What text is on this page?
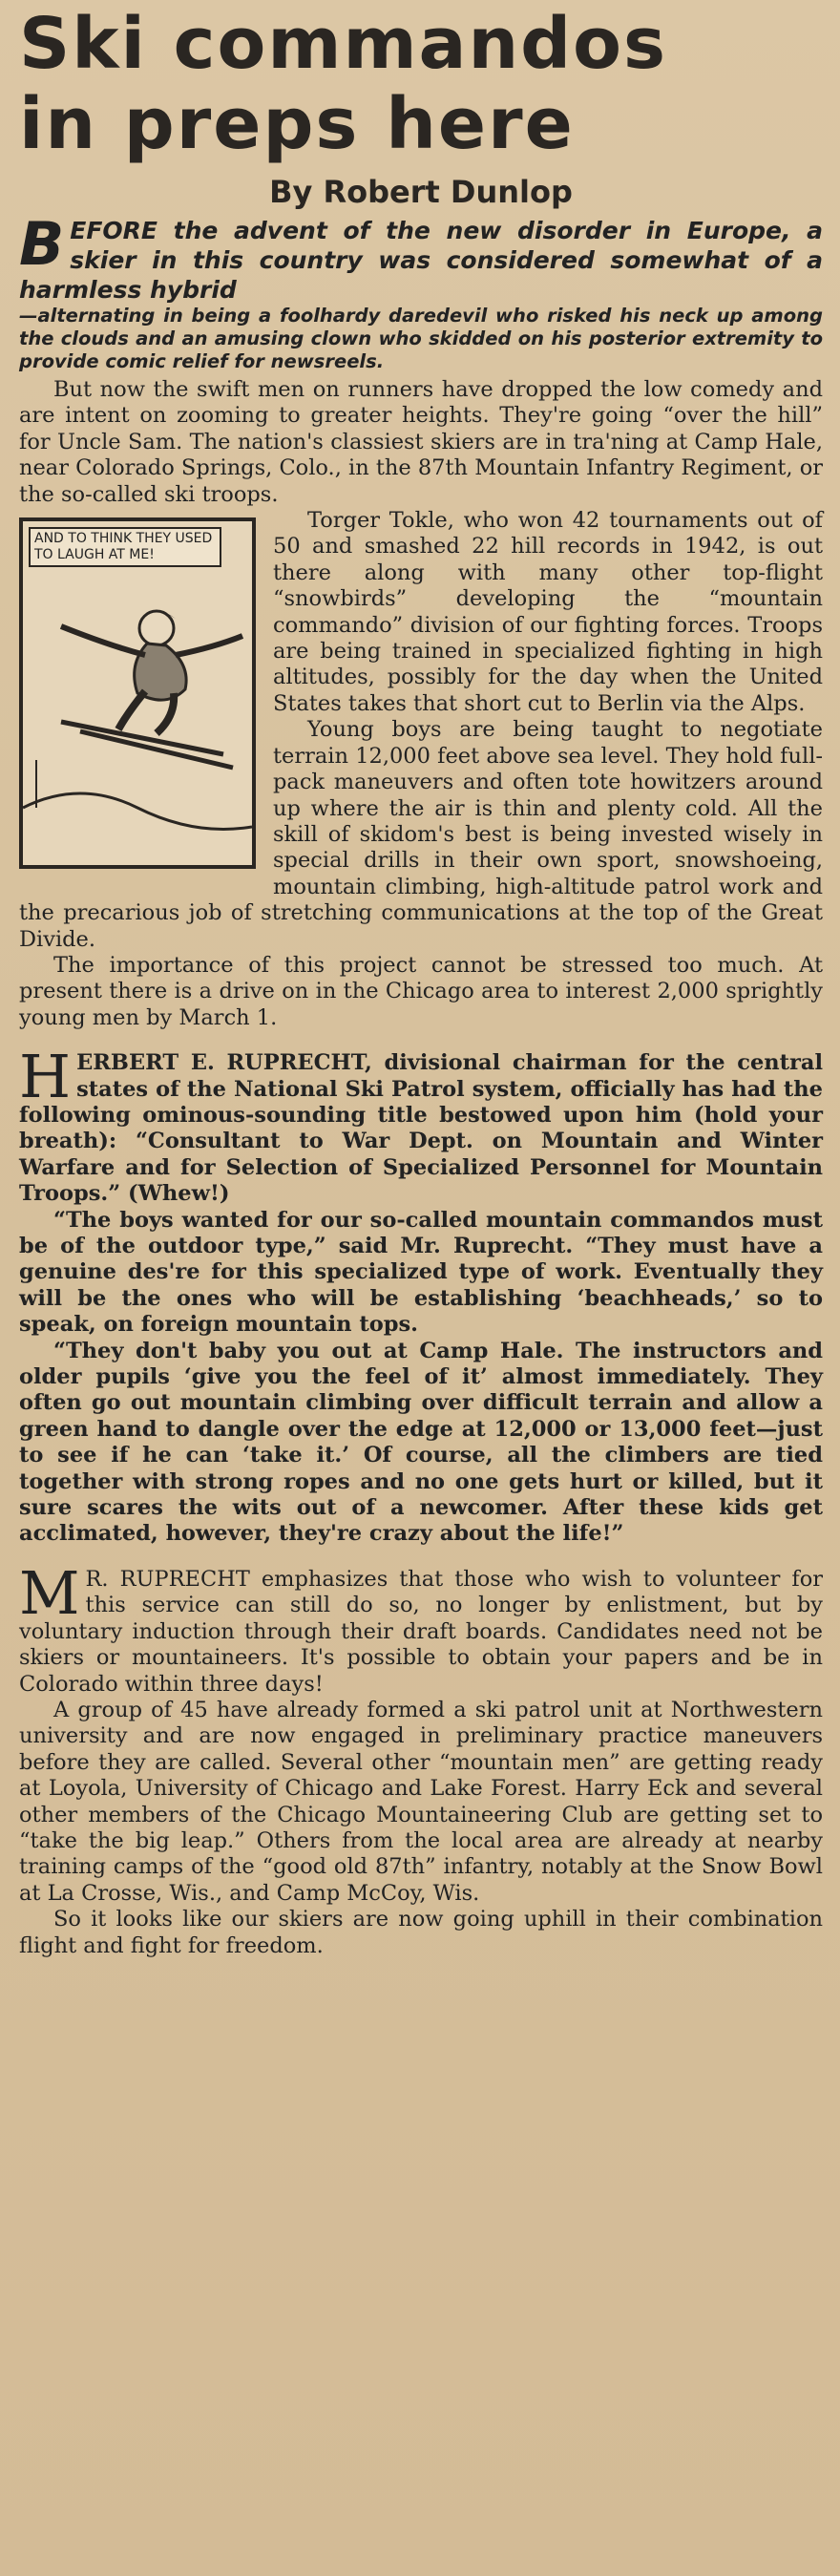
Ski commandos
in preps here
By Robert Dunlop

BEFORE the advent of the new disorder in Europe, a skier in this country was considered somewhat of a harmless hybrid

—alternating in being a foolhardy daredevil who risked his neck up among the clouds and an amusing clown who skidded on his posterior extremity to provide comic relief for newsreels.

But now the swift men on runners have dropped the low comedy and are intent on zooming to greater heights. They're going “over the hill” for Uncle Sam. The nation's classiest skiers are in tra'ning at Camp Hale, near Colorado Springs, Colo., in the 87th Mountain Infantry Regiment, or the so-called ski troops.

AND TO THINK THEY USED TO LAUGH AT ME!

Torger Tokle, who won 42 tournaments out of 50 and smashed 22 hill records in 1942, is out there along with many other top-flight “snowbirds” developing the “mountain commando” division of our fighting forces. Troops are being trained in specialized fighting in high altitudes, possibly for the day when the United States takes that short cut to Berlin via the Alps.

Young boys are being taught to negotiate terrain 12,000 feet above sea level. They hold full-pack maneuvers and often tote howitzers around up where the air is thin and plenty cold. All the skill of skidom's best is being invested wisely in special drills in their own sport, snowshoeing, mountain climbing, high-altitude patrol work and the precarious job of stretching communications at the top of the Great Divide.

The importance of this project cannot be stressed too much. At present there is a drive on in the Chicago area to interest 2,000 sprightly young men by March 1.

HERBERT E. RUPRECHT, divisional chairman for the central states of the National Ski Patrol system, officially has had the following ominous-sounding title bestowed upon him (hold your breath): “Consultant to War Dept. on Mountain and Winter Warfare and for Selection of Specialized Personnel for Mountain Troops.” (Whew!)

“The boys wanted for our so-called mountain commandos must be of the outdoor type,” said Mr. Ruprecht. “They must have a genuine des're for this specialized type of work. Eventually they will be the ones who will be establishing ‘beachheads,’ so to speak, on foreign mountain tops.

“They don't baby you out at Camp Hale. The instructors and older pupils ‘give you the feel of it’ almost immediately. They often go out mountain climbing over difficult terrain and allow a green hand to dangle over the edge at 12,000 or 13,000 feet—just to see if he can ‘take it.’ Of course, all the climbers are tied together with strong ropes and no one gets hurt or killed, but it sure scares the wits out of a newcomer. After these kids get acclimated, however, they're crazy about the life!”

M R. RUPRECHT emphasizes that those who wish to volunteer for this service can still do so, no longer by enlistment, but by voluntary induction through their draft boards. Candidates need not be skiers or mountaineers. It's possible to obtain your papers and be in Colorado within three days!

A group of 45 have already formed a ski patrol unit at Northwestern university and are now engaged in preliminary practice maneuvers before they are called. Several other “mountain men” are getting ready at Loyola, University of Chicago and Lake Forest. Harry Eck and several other members of the Chicago Mountaineering Club are getting set to “take the big leap.” Others from the local area are already at nearby training camps of the “good old 87th” infantry, notably at the Snow Bowl at La Crosse, Wis., and Camp McCoy, Wis.

So it looks like our skiers are now going uphill in their combination flight and fight for freedom.
